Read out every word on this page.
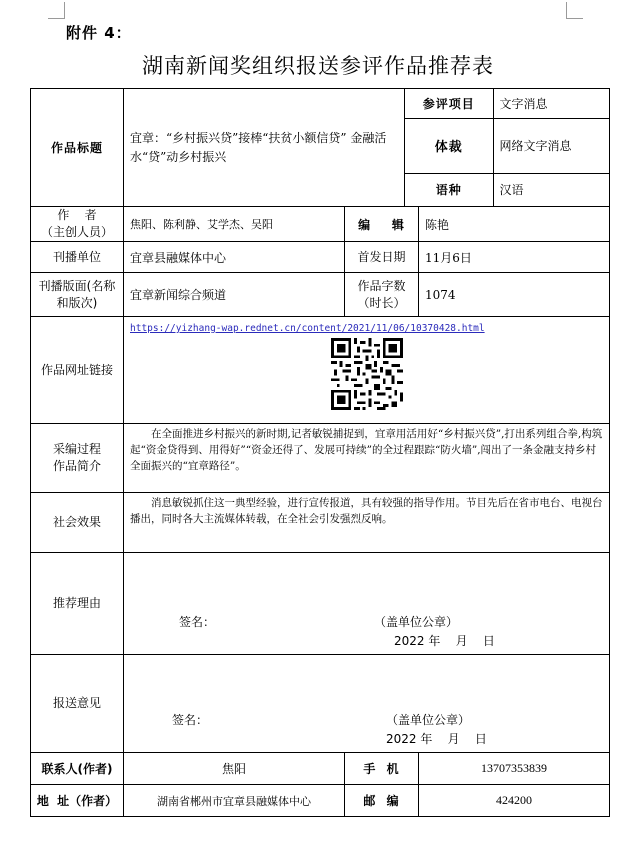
附件 4：
湖南新闻奖组织报送参评作品推荐表
作品标题	宜章：“乡村振兴贷”接棒“扶贫小额信贷” 金融活水“贷”动乡村振兴	
参评项目	文字消息
体裁	网络文字消息
语种	汉语

作    者
（主创人员）
	焦阳、陈利静、艾学杰、吴阳	编    辑	陈艳
刊播单位	宜章县融媒体中心	首发日期	11月6日
刊播版面(名称和版次)	宜章新闻综合频道	作品字数（时长）	1074
作品网址链接	
https://yizhang-wap.rednet.cn/content/2021/11/06/10370428.html

采编过程
作品简介

在全面推进乡村振兴的新时期,记者敏锐捕捉到，宜章用活用好“乡村振兴贷”,打出系列组合拳,构筑起“资金贷得到、用得好”“资金还得了、发展可持续”的全过程跟踪“防火墙”,闯出了一条金融支持乡村全面振兴的“宜章路径”。

社会效果	
消息敏锐抓住这一典型经验，进行宣传报道，具有较强的指导作用。节目先后在省市电台、电视台播出，同时各大主流媒体转载，在全社会引发强烈反响。

推荐理由	
签名：	（盖单位公章）
2022 年    月    日

报送意见	
签名：	（盖单位公章）
2022 年    月    日

联系人(作者)	焦阳	手  机	13707353839
地  址（作者）	湖南省郴州市宜章县融媒体中心	邮  编	424200
